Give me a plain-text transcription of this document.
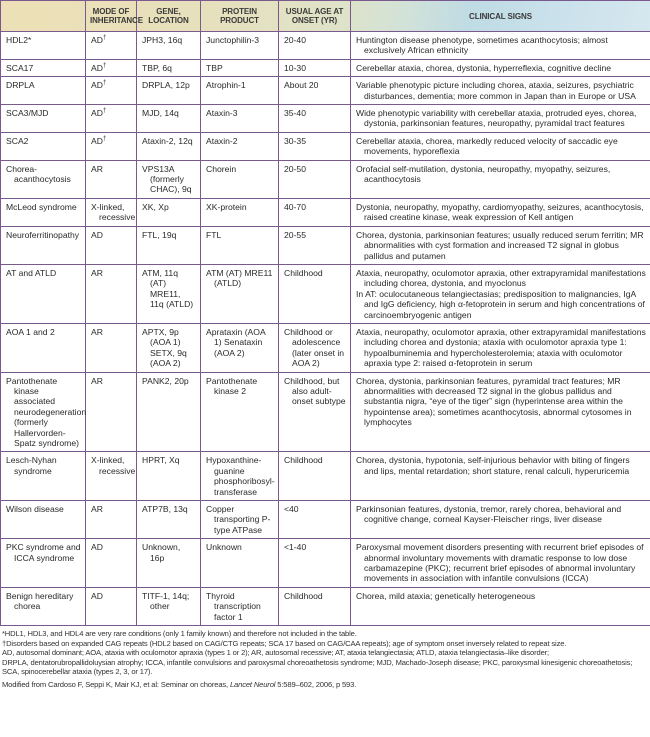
	MODE OF INHERITANCE	GENE, LOCATION	PROTEIN PRODUCT	USUAL AGE AT ONSET (YR)	CLINICAL SIGNS

HDL2*	AD†	JPH3, 16q	Junctophilin-3	20-40	Huntington disease phenotype, sometimes acanthocytosis; almost exclusively African ethnicity

SCA17	AD†	TBP, 6q	TBP	10-30	Cerebellar ataxia, chorea, dystonia, hyperreflexia, cognitive decline

DRPLA	AD†	DRPLA, 12p	Atrophin-1	About 20	Variable phenotypic picture including chorea, ataxia, seizures, psychiatric disturbances, dementia; more common in Japan than in Europe or USA

SCA3/MJD	AD†	MJD, 14q	Ataxin-3	35-40	Wide phenotypic variability with cerebellar ataxia, protruded eyes, chorea, dystonia, parkinsonian features, neuropathy, pyramidal tract features

SCA2	AD†	Ataxin-2, 12q	Ataxin-2	30-35	Cerebellar ataxia, chorea, markedly reduced velocity of saccadic eye movements, hyporeflexia

Chorea-acanthocytosis	AR	VPS13A (formerly CHAC), 9q	Chorein	20-50	Orofacial self-mutilation, dystonia, neuropathy, myopathy, seizures, acanthocytosis

McLeod syndrome	X-linked, recessive	XK, Xp	XK-protein	40-70	Dystonia, neuropathy, myopathy, cardiomyopathy, seizures, acanthocytosis, raised creatine kinase, weak expression of Kell antigen

Neuroferritinopathy	AD	FTL, 19q	FTL	20-55	Chorea, dystonia, parkinsonian features; usually reduced serum ferritin; MR abnormalities with cyst formation and increased T2 signal in globus pallidus and putamen

AT and ATLD	AR	ATM, 11q (AT) MRE11, 11q (ATLD)	ATM (AT) MRE11 (ATLD)	Childhood	Ataxia, neuropathy, oculomotor apraxia, other extrapyramidal manifestations including chorea, dystonia, and myoclonus
In AT: oculocutaneous telangiectasias; predisposition to malignancies, IgA and IgG deficiency, high α-fetoprotein in serum and high concentrations of carcinoembryogenic antigen

AOA 1 and 2	AR	APTX, 9p (AOA 1) SETX, 9q (AOA 2)	Aprataxin (AOA 1) Senataxin (AOA 2)	Childhood or adolescence (later onset in AOA 2)	Ataxia, neuropathy, oculomotor apraxia, other extrapyramidal manifestations including chorea and dystonia; ataxia with oculomotor apraxia type 1: hypoalbuminemia and hypercholesterolemia; ataxia with oculomotor apraxia type 2: raised α-fetoprotein in serum

Pantothenate kinase associated neurodegeneration (formerly Hallervorden-Spatz syndrome)	AR	PANK2, 20p	Pantothenate kinase 2	Childhood, but also adult-onset subtype	Chorea, dystonia, parkinsonian features, pyramidal tract features; MR abnormalities with decreased T2 signal in the globus pallidus and substantia nigra, “eye of the tiger” sign (hyperintense area within the hypointense area); sometimes acanthocytosis, abnormal cytosomes in lymphocytes

Lesch-Nyhan syndrome	X-linked, recessive	HPRT, Xq	Hypoxanthine-guanine phosphoribosyl-transferase	Childhood	Chorea, dystonia, hypotonia, self-injurious behavior with biting of fingers and lips, mental retardation; short stature, renal calculi, hyperuricemia

Wilson disease	AR	ATP7B, 13q	Copper transporting P-type ATPase	<40	Parkinsonian features, dystonia, tremor, rarely chorea, behavioral and cognitive change, corneal Kayser-Fleischer rings, liver disease

PKC syndrome and ICCA syndrome	AD	Unknown, 16p	Unknown	<1-40	Paroxysmal movement disorders presenting with recurrent brief episodes of abnormal involuntary movements with dramatic response to low dose carbamazepine (PKC); recurrent brief episodes of abnormal involuntary movements in association with infantile convulsions (ICCA)

Benign hereditary chorea	AD	TITF-1, 14q; other	Thyroid transcription factor 1	Childhood	Chorea, mild ataxia; genetically heterogeneous

*HDL1, HDL3, and HDL4 are very rare conditions (only 1 family known) and therefore not included in the table.

†Disorders based on expanded CAG repeats (HDL2 based on CAG/CTG repeats; SCA 17 based on CAG/CAA repeats); age of symptom onset inversely related to repeat size.

AD, autosomal dominant; AOA, ataxia with oculomotor apraxia (types 1 or 2); AR, autosomal recessive; AT, ataxia telangiectasia; ATLD, ataxia telangiectasia–like disorder;

DRPLA, dentatorubropallidoluysian atrophy; ICCA, infantile convulsions and paroxysmal choreoathetosis syndrome; MJD, Machado-Joseph disease; PKC, paroxysmal kinesigenic choreoathetosis;

SCA, spinocerebellar ataxia (types 2, 3, or 17).

Modified from Cardoso F, Seppi K, Mair KJ, et al: Seminar on choreas, Lancet Neurol 5:589–602, 2006, p 593.
